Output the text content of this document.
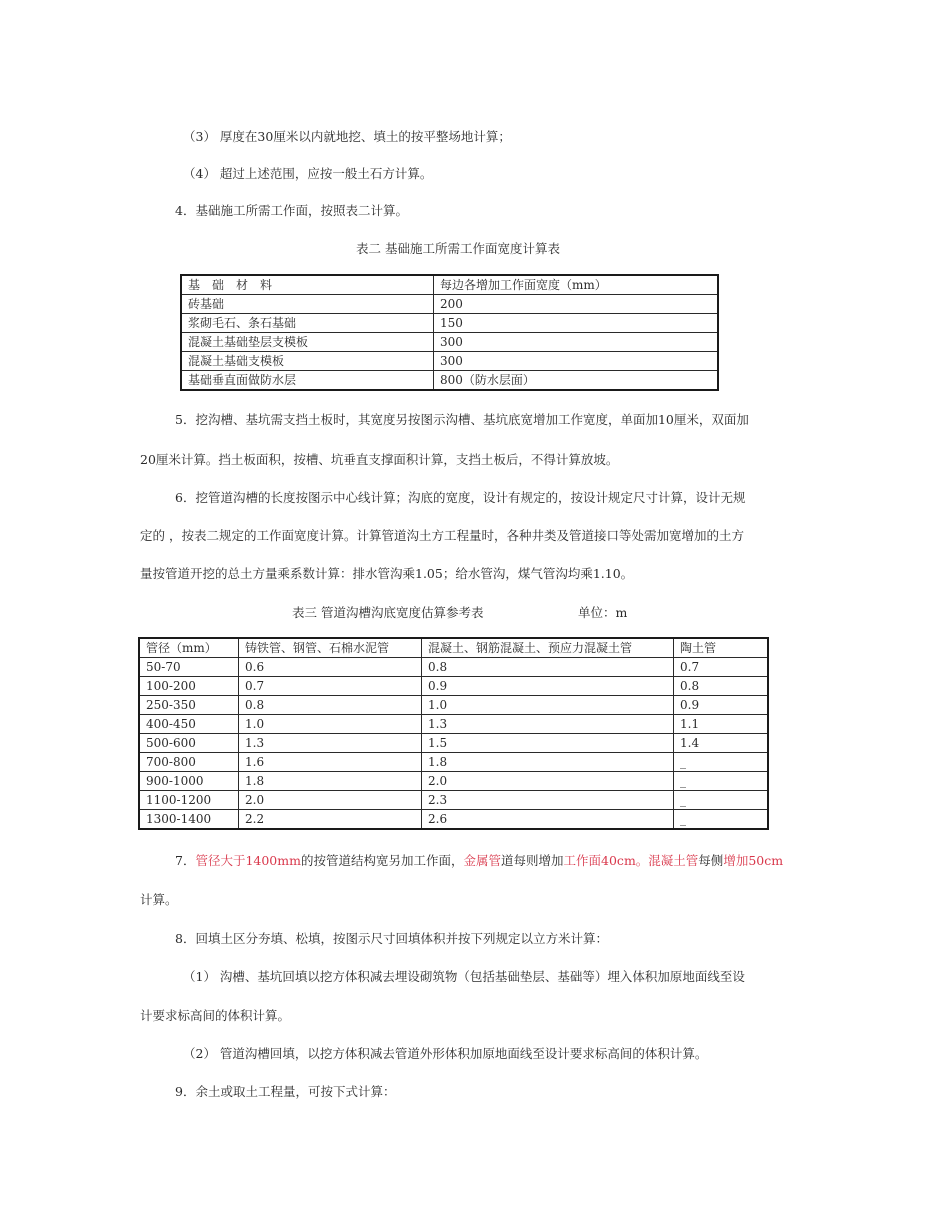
（3） 厚度在30厘米以内就地挖、填土的按平整场地计算；
（4） 超过上述范围，应按一般土石方计算。
4．基础施工所需工作面，按照表二计算。
表二 基础施工所需工作面宽度计算表
基　础　材　料	每边各增加工作面宽度（mm）
砖基础	200
浆砌毛石、条石基础	150
混凝土基础垫层支模板	300
混凝土基础支模板	300
基础垂直面做防水层	800（防水层面）
5．挖沟槽、基坑需支挡土板时，其宽度另按图示沟槽、基坑底宽增加工作宽度，单面加10厘米，双面加
20厘米计算。挡土板面积，按槽、坑垂直支撑面积计算，支挡土板后，不得计算放坡。
6．挖管道沟槽的长度按图示中心线计算；沟底的宽度，设计有规定的，按设计规定尺寸计算，设计无规
定的 ，按表二规定的工作面宽度计算。计算管道沟土方工程量时，各种井类及管道接口等处需加宽增加的土方
量按管道开挖的总土方量乘系数计算：排水管沟乘1.05；给水管沟，煤气管沟均乘1.10。
表三 管道沟槽沟底宽度估算参考表	单位：m
管径（mm）	铸铁管、钢管、石棉水泥管	混凝土、钢筋混凝土、预应力混凝土管	陶土管
50-70	0.6	0.8	0.7
100-200	0.7	0.9	0.8
250-350	0.8	1.0	0.9
400-450	1.0	1.3	1.1
500-600	1.3	1.5	1.4
700-800	1.6	1.8	_
900-1000	1.8	2.0	_
1100-1200	2.0	2.3	_
1300-1400	2.2	2.6	_
7．管径大于1400mm的按管道结构宽另加工作面，金属管道每则增加工作面40cm。混凝土管每侧增加50cm
计算。
8．回填土区分夯填、松填，按图示尺寸回填体积并按下列规定以立方米计算：
（1） 沟槽、基坑回填以挖方体积减去埋设砌筑物（包括基础垫层、基础等）埋入体积加原地面线至设
计要求标高间的体积计算。
（2） 管道沟槽回填，以挖方体积减去管道外形体积加原地面线至设计要求标高间的体积计算。
9．余土或取土工程量，可按下式计算：
